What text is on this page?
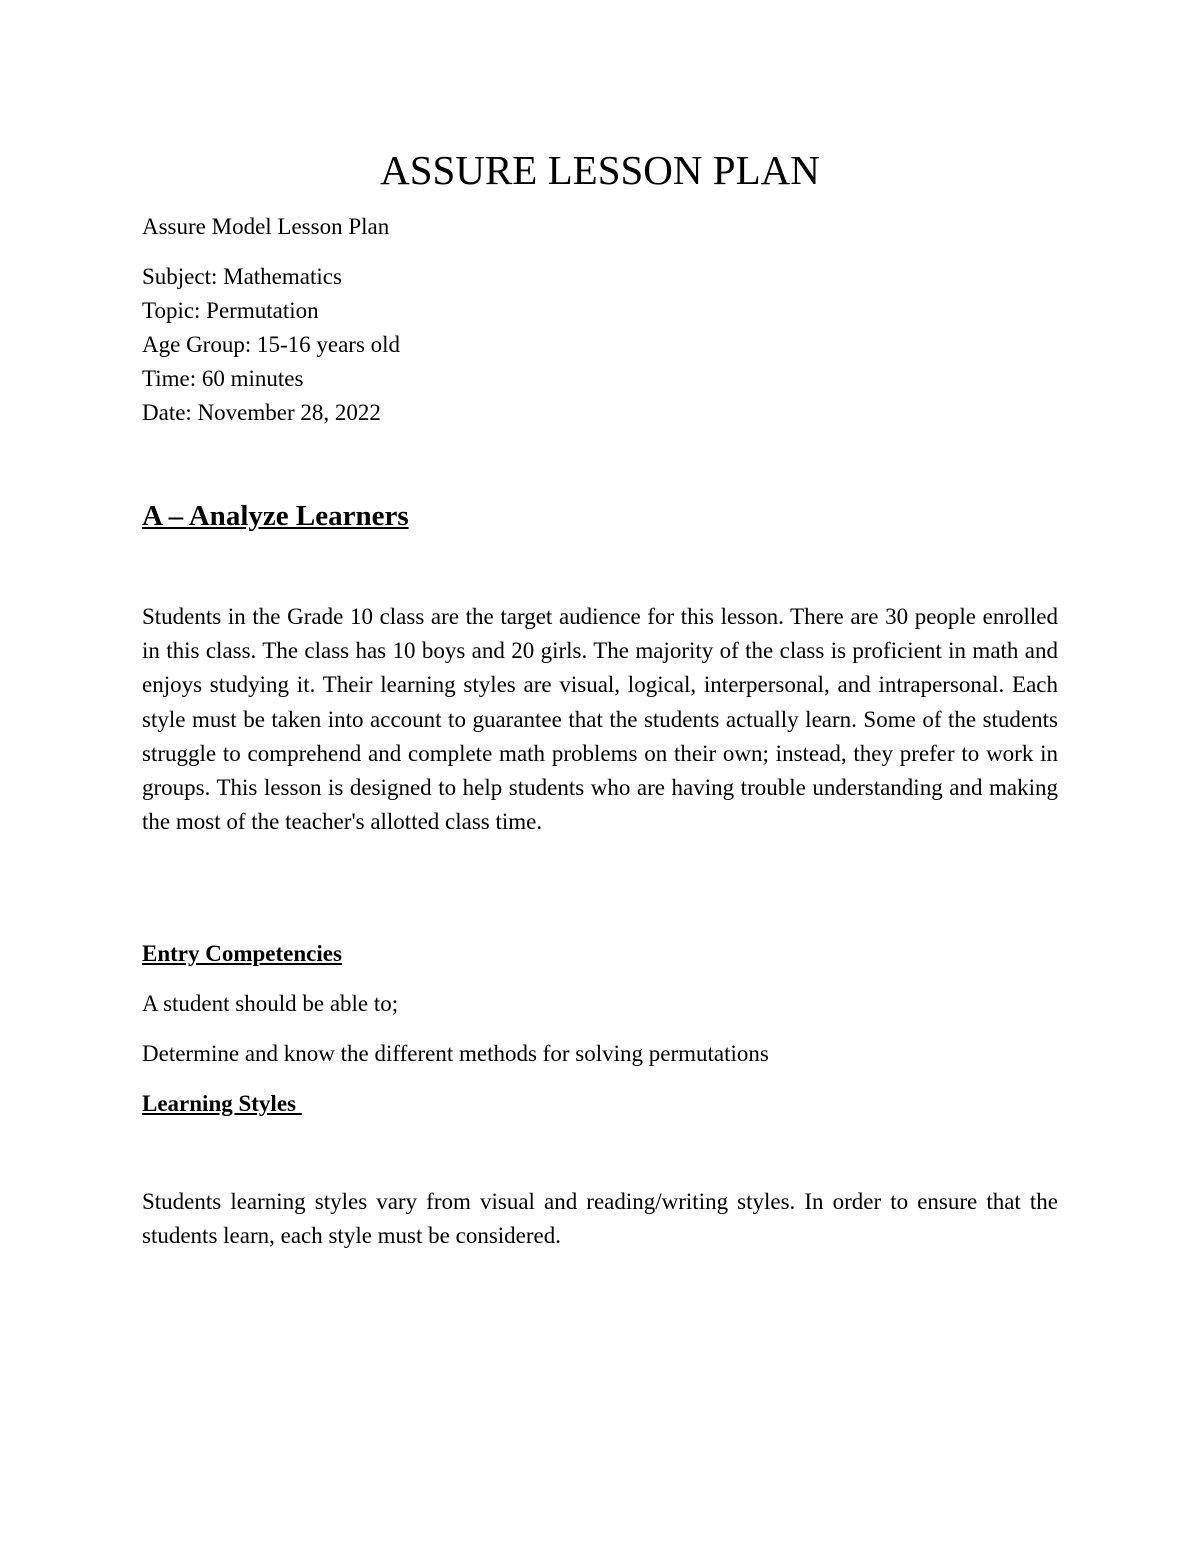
ASSURE LESSON PLAN

Assure Model Lesson Plan

Subject: Mathematics

Topic: Permutation

Age Group: 15-16 years old

Time: 60 minutes

Date: November 28, 2022

A – Analyze Learners

Students in the Grade 10 class are the target audience for this lesson. There are 30 people enrolled in this class. The class has 10 boys and 20 girls. The majority of the class is proficient in math and enjoys studying it. Their learning styles are visual, logical, interpersonal, and intrapersonal. Each style must be taken into account to guarantee that the students actually learn. Some of the students struggle to comprehend and complete math problems on their own; instead, they prefer to work in groups. This lesson is designed to help students who are having trouble understanding and making the most of the teacher's allotted class time.

Entry Competencies

A student should be able to;

Determine and know the different methods for solving permutations

Learning Styles

Students learning styles vary from visual and reading/writing styles. In order to ensure that the students learn, each style must be considered.
